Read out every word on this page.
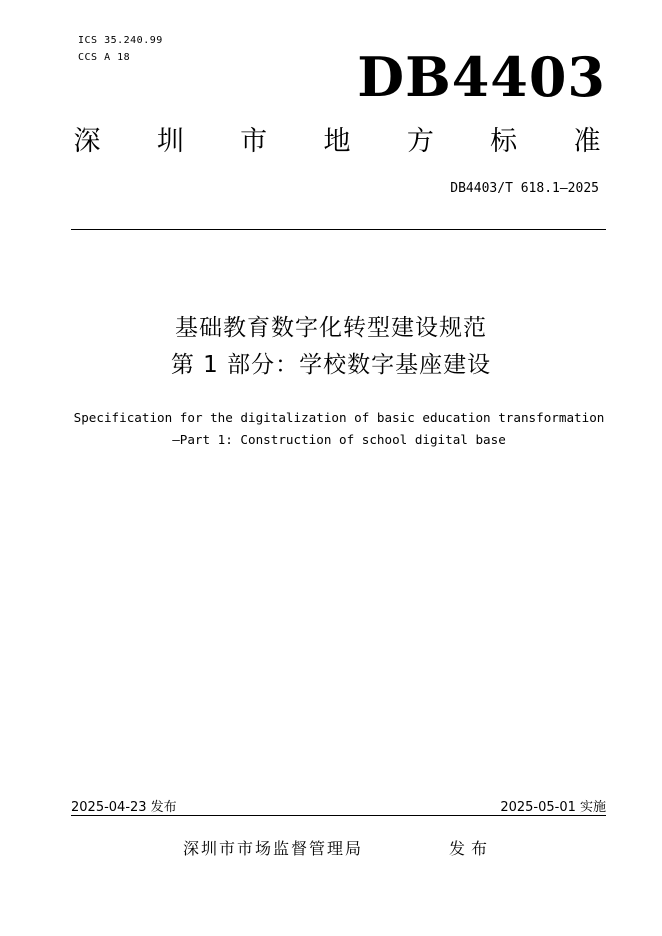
ICS 35.240.99
CCS A 18	DB4403
深 圳 市 地 方 标 准
DB4403/T 618.1—2025
基础教育数字化转型建设规范
第 1 部分：学校数字基座建设
Specification for the digitalization of basic education transformation
—Part 1: Construction of school digital base
2025-04-23 发布	2025-05-01 实施
深圳市市场监督管理局	发布
